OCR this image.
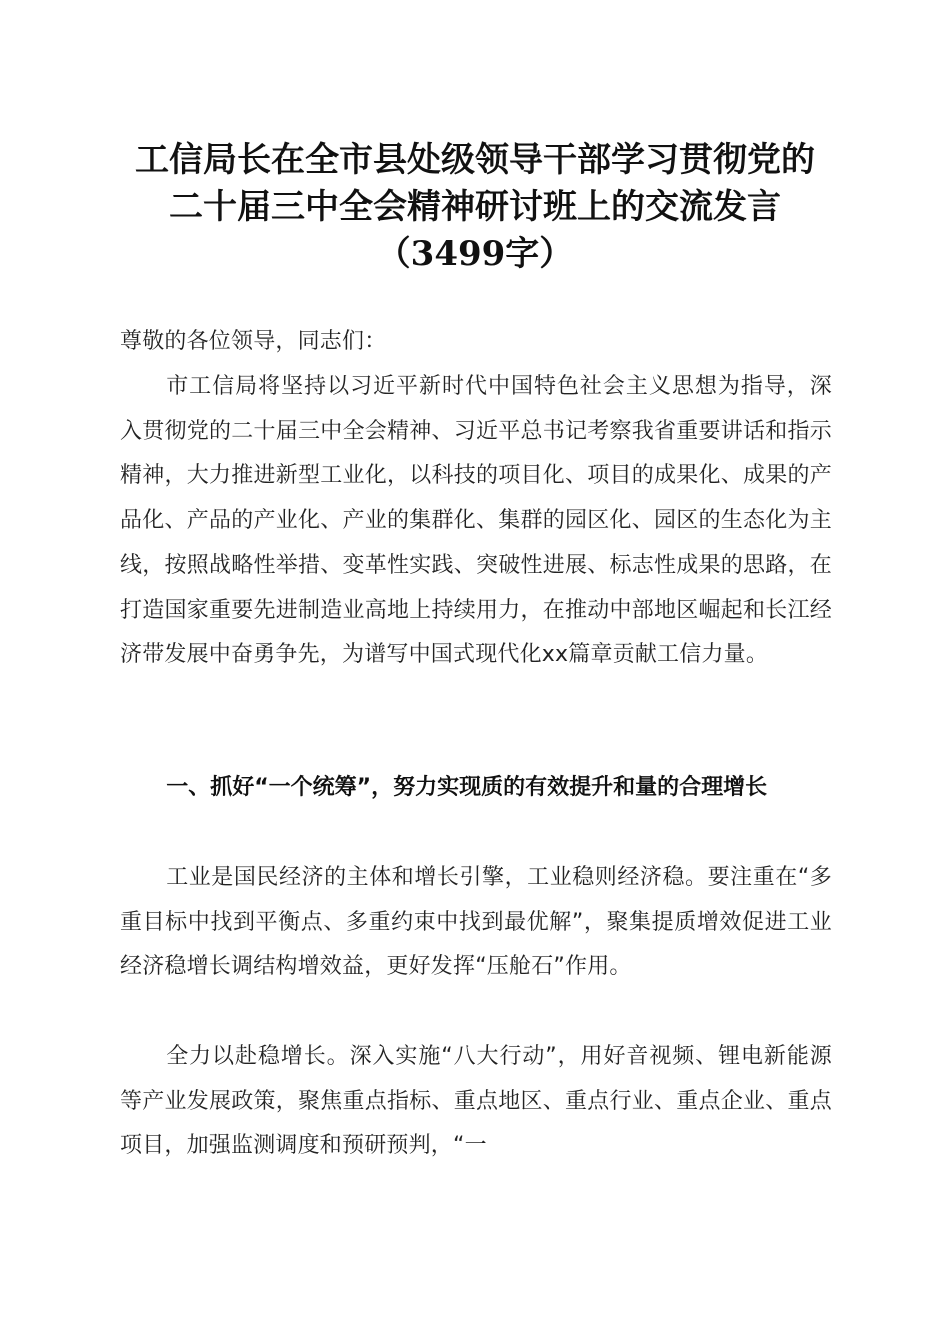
工信局长在全市县处级领导干部学习贯彻党的
二十届三中全会精神研讨班上的交流发言
（3499字）
尊敬的各位领导，同志们：
市工信局将坚持以习近平新时代中国特色社会主义思想为指导，深入贯彻党的二十届三中全会精神、习近平总书记考察我省重要讲话和指示精神，大力推进新型工业化，以科技的项目化、项目的成果化、成果的产品化、产品的产业化、产业的集群化、集群的园区化、园区的生态化为主线，按照战略性举措、变革性实践、突破性进展、标志性成果的思路，在打造国家重要先进制造业高地上持续用力，在推动中部地区崛起和长江经济带发展中奋勇争先，为谱写中国式现代化xx篇章贡献工信力量。
一、抓好“一个统筹”，努力实现质的有效提升和量的合理增长
工业是国民经济的主体和增长引擎，工业稳则经济稳。要注重在“多重目标中找到平衡点、多重约束中找到最优解”，聚集提质增效促进工业经济稳增长调结构增效益，更好发挥“压舱石”作用。
全力以赴稳增长。深入实施“八大行动”，用好音视频、锂电新能源等产业发展政策，聚焦重点指标、重点地区、重点行业、重点企业、重点项目，加强监测调度和预研预判，“一
